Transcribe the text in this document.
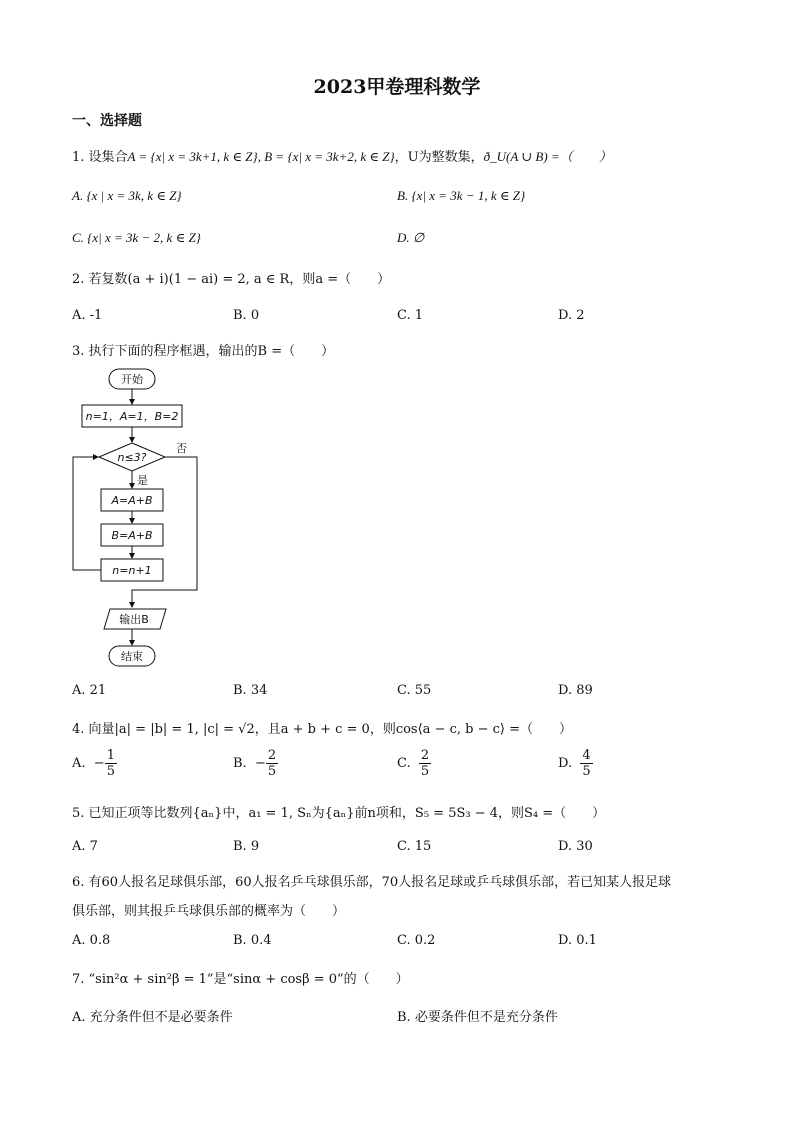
2023甲卷理科数学
一、选择题
1. 设集合A = {x| x = 3k+1, k ∈ Z}, B = {x| x = 3k+2, k ∈ Z}，U为整数集，ð_U(A ∪ B) =（　　）
A. {x | x = 3k, k ∈ Z}	B. {x| x = 3k − 1, k ∈ Z}
C. {x| x = 3k − 2, k ∈ Z}	D. ∅
2. 若复数(a + i)(1 − ai) = 2, a ∈ R，则a =（　　）
A. -1	B. 0	C. 1	D. 2
3. 执行下面的程序框遇，输出的B =（　　）
开始
n=1，A=1，B=2
n≤3?
否
是
A=A+B
B=A+B
n=n+1
输出B
结束
A. 21	B. 34	C. 55	D. 89
4. 向量|a| = |b| = 1, |c| = √2，且a + b + c = 0，则cos⟨a − c, b − c⟩ =（　　）
A. − $\frac{1}{5}$	B. − $\frac{2}{5}$	C. $\frac{2}{5}$	D. $\frac{4}{5}$
5. 已知正项等比数列{aₙ}中，a₁ = 1, Sₙ为{aₙ}前n项和，S₅ = 5S₃ − 4，则S₄ =（　　）
A. 7	B. 9	C. 15	D. 30
6. 有60人报名足球俱乐部，60人报名乒乓球俱乐部，70人报名足球或乒乓球俱乐部，若已知某人报足球
俱乐部，则其报乒乓球俱乐部的概率为（　　）
A. 0.8	B. 0.4	C. 0.2	D. 0.1
7. “sin²α + sin²β = 1”是“sinα + cosβ = 0”的（　　）
A. 充分条件但不是必要条件	B. 必要条件但不是充分条件
